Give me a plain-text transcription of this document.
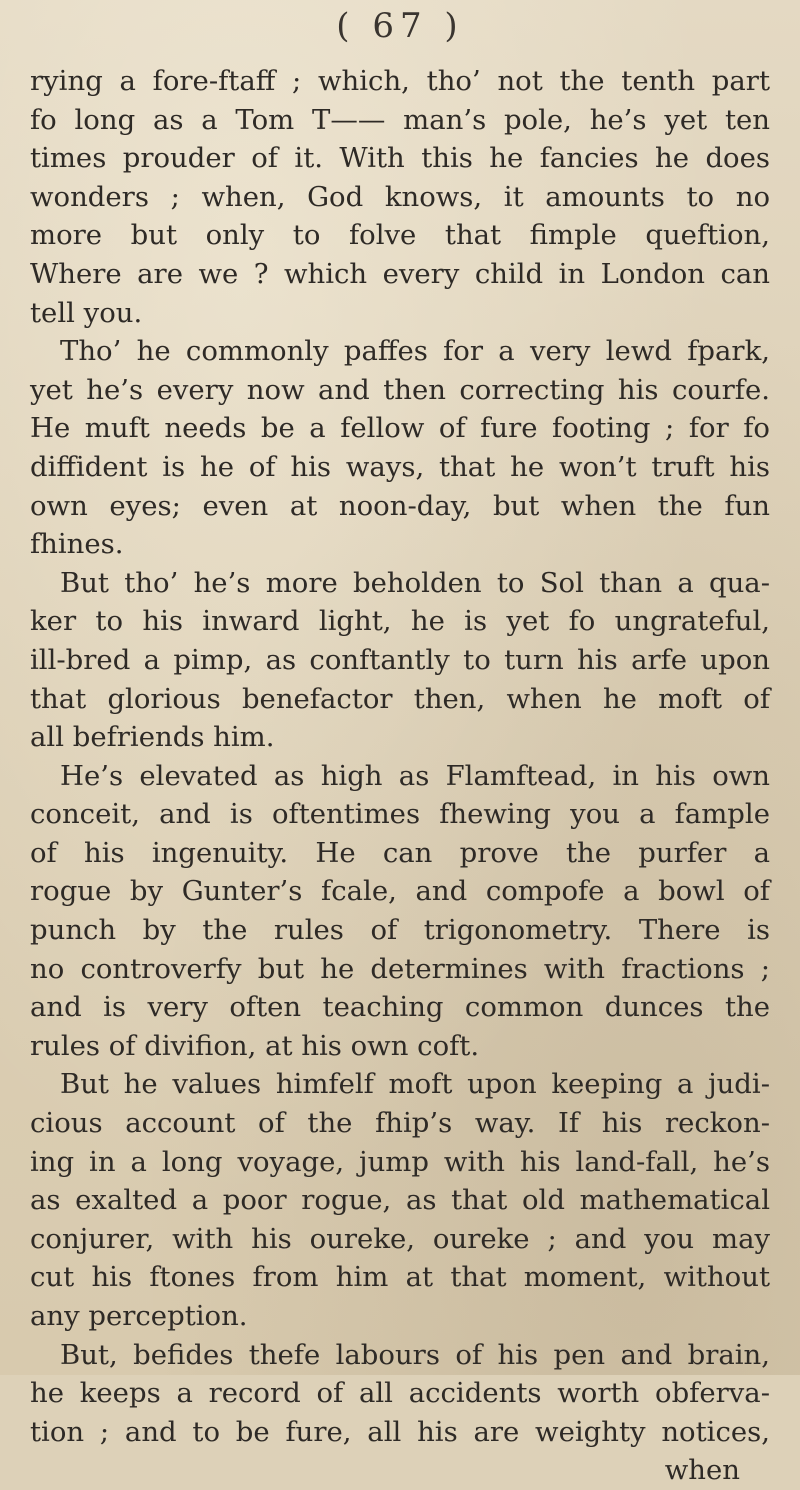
( 67 )
rying a fore-ftaff ; which, tho’ not the tenth part
fo long as a Tom T—— man’s pole, he’s yet ten
times prouder of it. With this he fancies he does
wonders ; when, God knows, it amounts to no
more but only to folve that fimple queftion,
Where are we ? which every child in London can
tell you.
Tho’ he commonly paffes for a very lewd fpark,
yet he’s every now and then correcting his courfe.
He muft needs be a fellow of fure footing ; for fo
diffident is he of his ways, that he won’t truft his
own eyes; even at noon-day, but when the fun
fhines.
But tho’ he’s more beholden to Sol than a qua-
ker to his inward light, he is yet fo ungrateful,
ill-bred a pimp, as conftantly to turn his arfe upon
that glorious benefactor then, when he moft of
all befriends him.
He’s elevated as high as Flamftead, in his own
conceit, and is oftentimes fhewing you a fample
of his ingenuity. He can prove the purfer a
rogue by Gunter’s fcale, and compofe a bowl of
punch by the rules of trigonometry. There is
no controverfy but he determines with fractions ;
and is very often teaching common dunces the
rules of divifion, at his own coft.
But he values himfelf moft upon keeping a judi-
cious account of the fhip’s way. If his reckon-
ing in a long voyage, jump with his land-fall, he’s
as exalted a poor rogue, as that old mathematical
conjurer, with his oureke, oureke ; and you may
cut his ftones from him at that moment, without
any perception.
But, befides thefe labours of his pen and brain,
he keeps a record of all accidents worth obferva-
tion ; and to be fure, all his are weighty notices,
when
